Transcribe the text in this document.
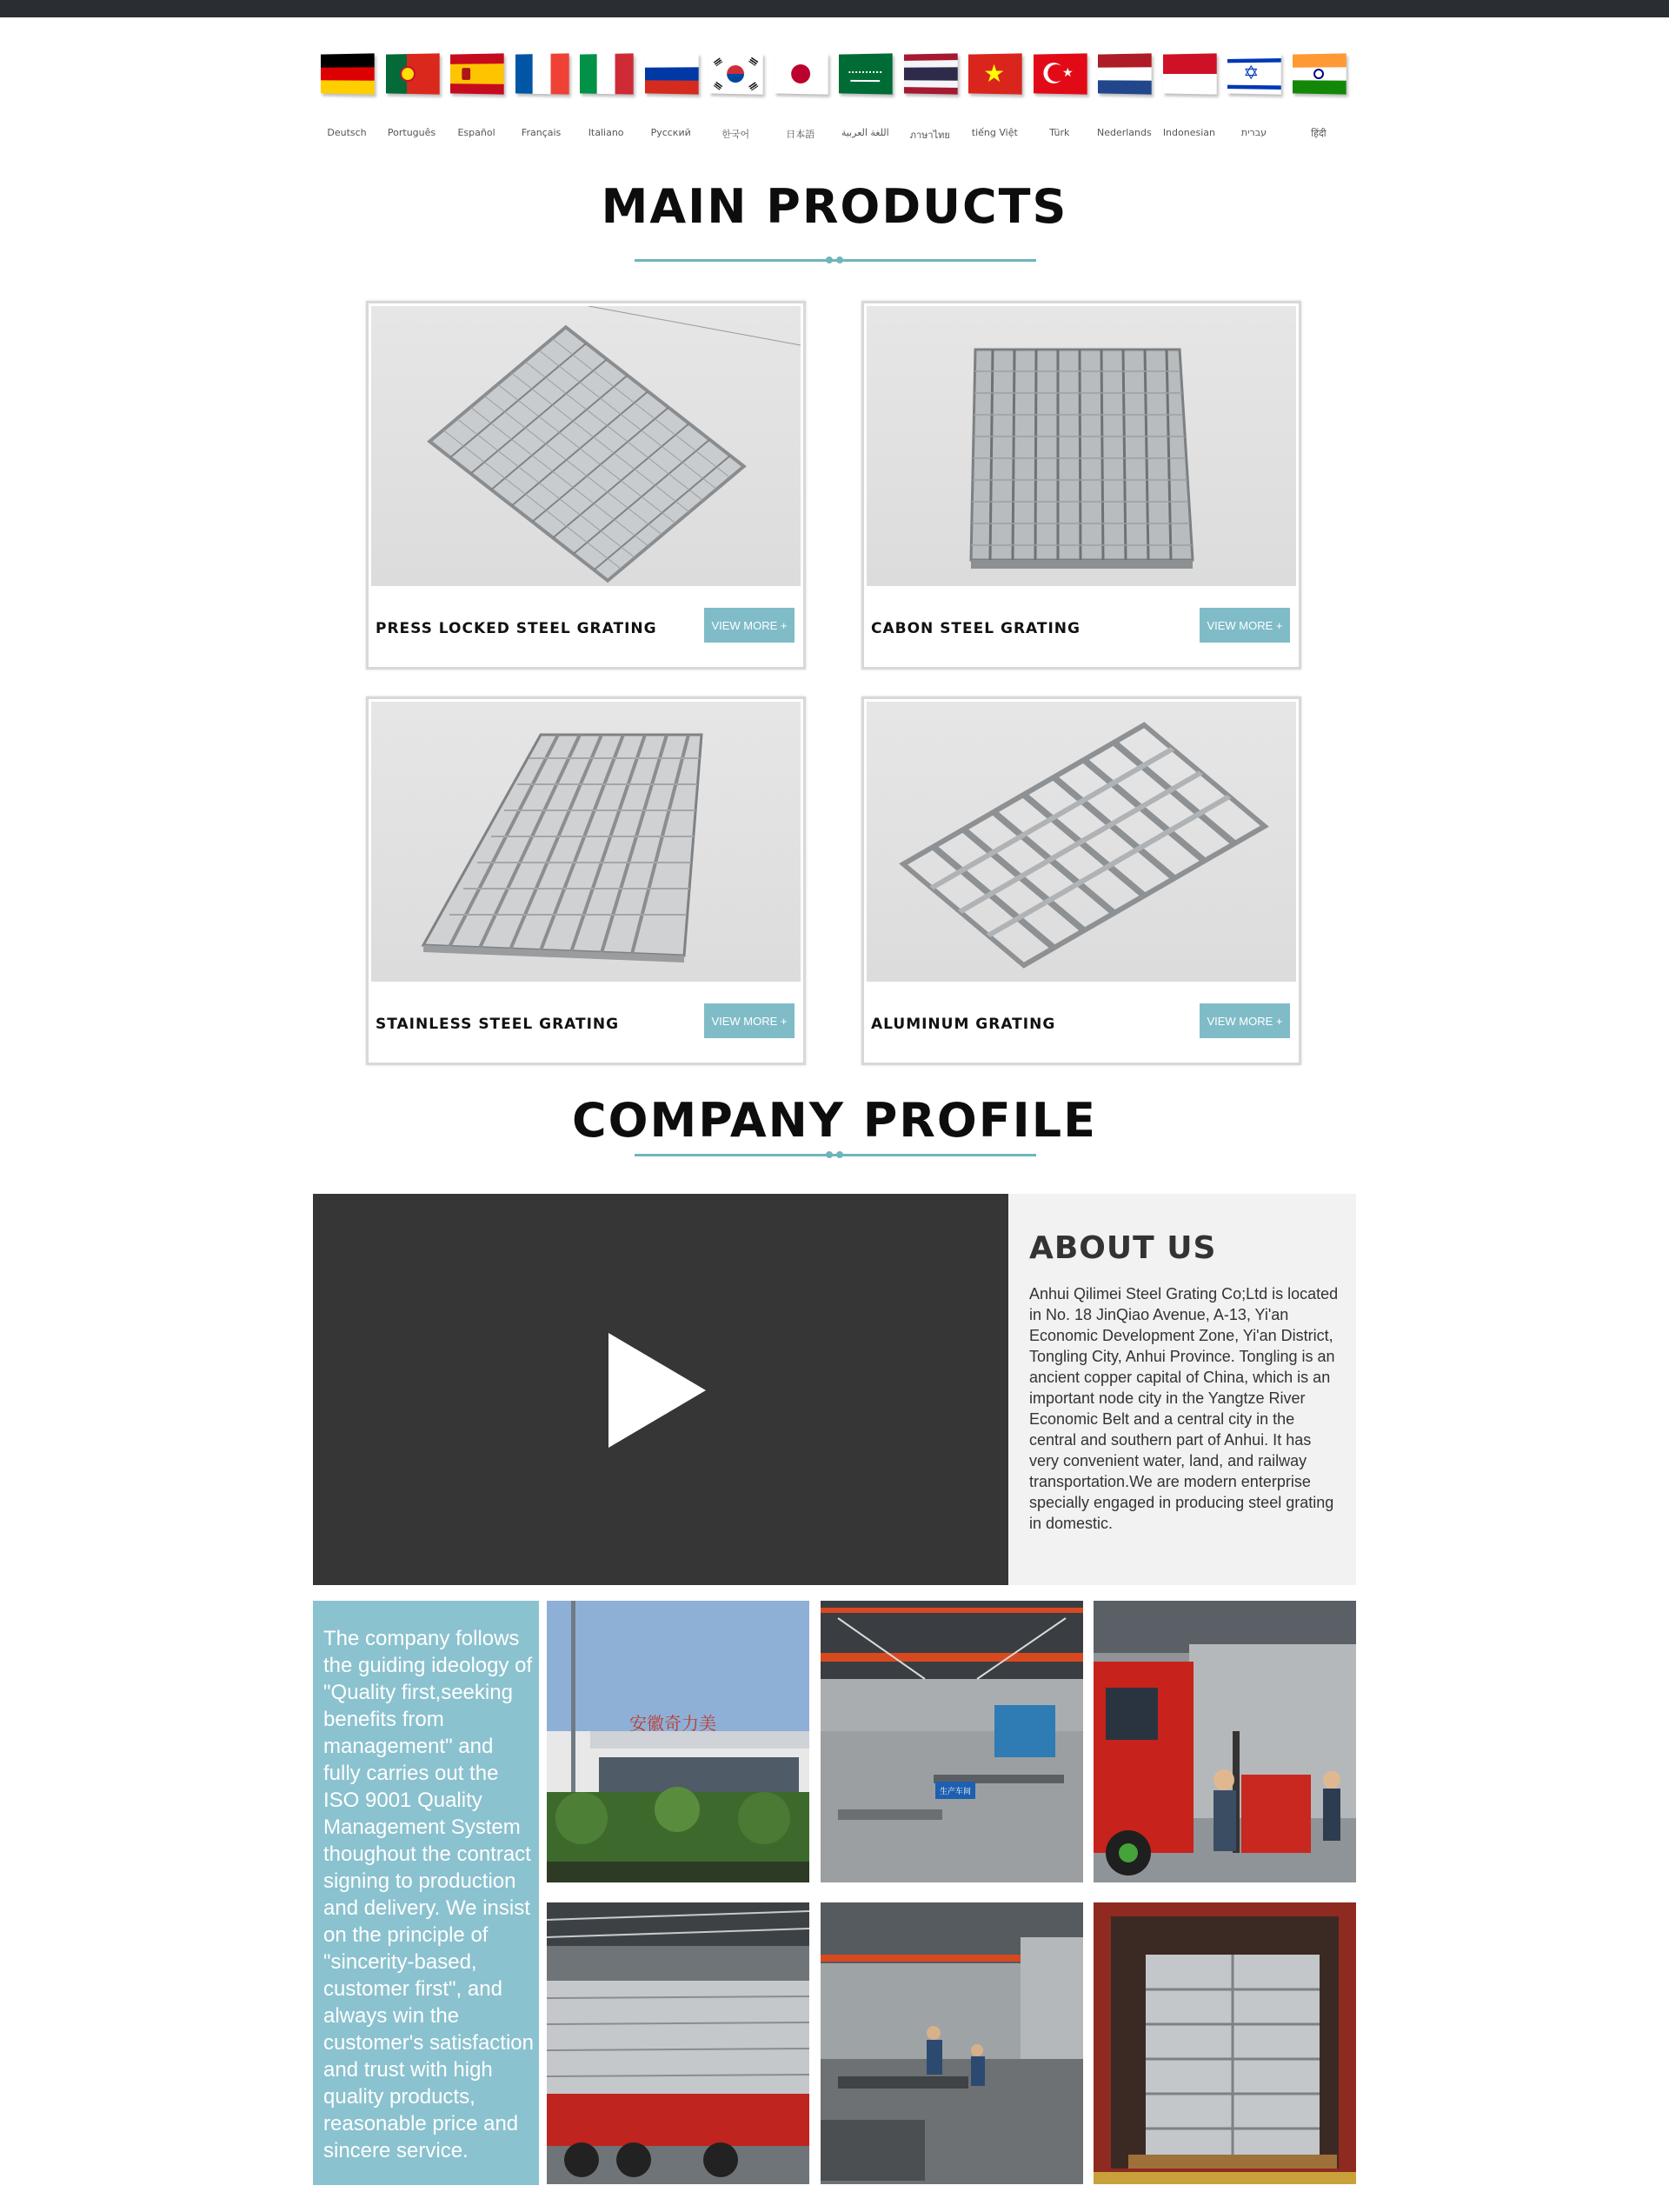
Deutsch Português Español	Français	Italiano	Русский	한국어	日本語	اللغة العربية ภาษาไทย
★
tiếng Việt
★
Türk	Nederlands Indonesian
✡
עברית	हिंदी
MAIN PRODUCTS
PRESS LOCKED STEEL GRATING	VIEW MORE +	CABON STEEL GRATING	VIEW MORE +
STAINLESS STEEL GRATING	VIEW MORE +	ALUMINUM GRATING	VIEW MORE +
COMPANY PROFILE
ABOUT US

Anhui Qilimei Steel Grating Co;Ltd is located in No. 18 JinQiao Avenue, A-13, Yi'an Economic Development Zone, Yi'an District, Tongling City, Anhui Province. Tongling is an ancient copper capital of China, which is an important node city in the Yangtze River Economic Belt and a central city in the central and southern part of Anhui. It has very convenient water, land, and railway transportation.We are modern enterprise specially engaged in producing steel grating in domestic.

The company follows the guiding ideology of "Quality first,seeking benefits from management" and fully carries out the ISO 9001 Quality Management System thoughout the contract signing to production and delivery. We insist on the principle of "sincerity-based, customer first", and always win the customer's satisfaction and trust with high quality products, reasonable price and sincere service.

安徽奇力美
生产车间
